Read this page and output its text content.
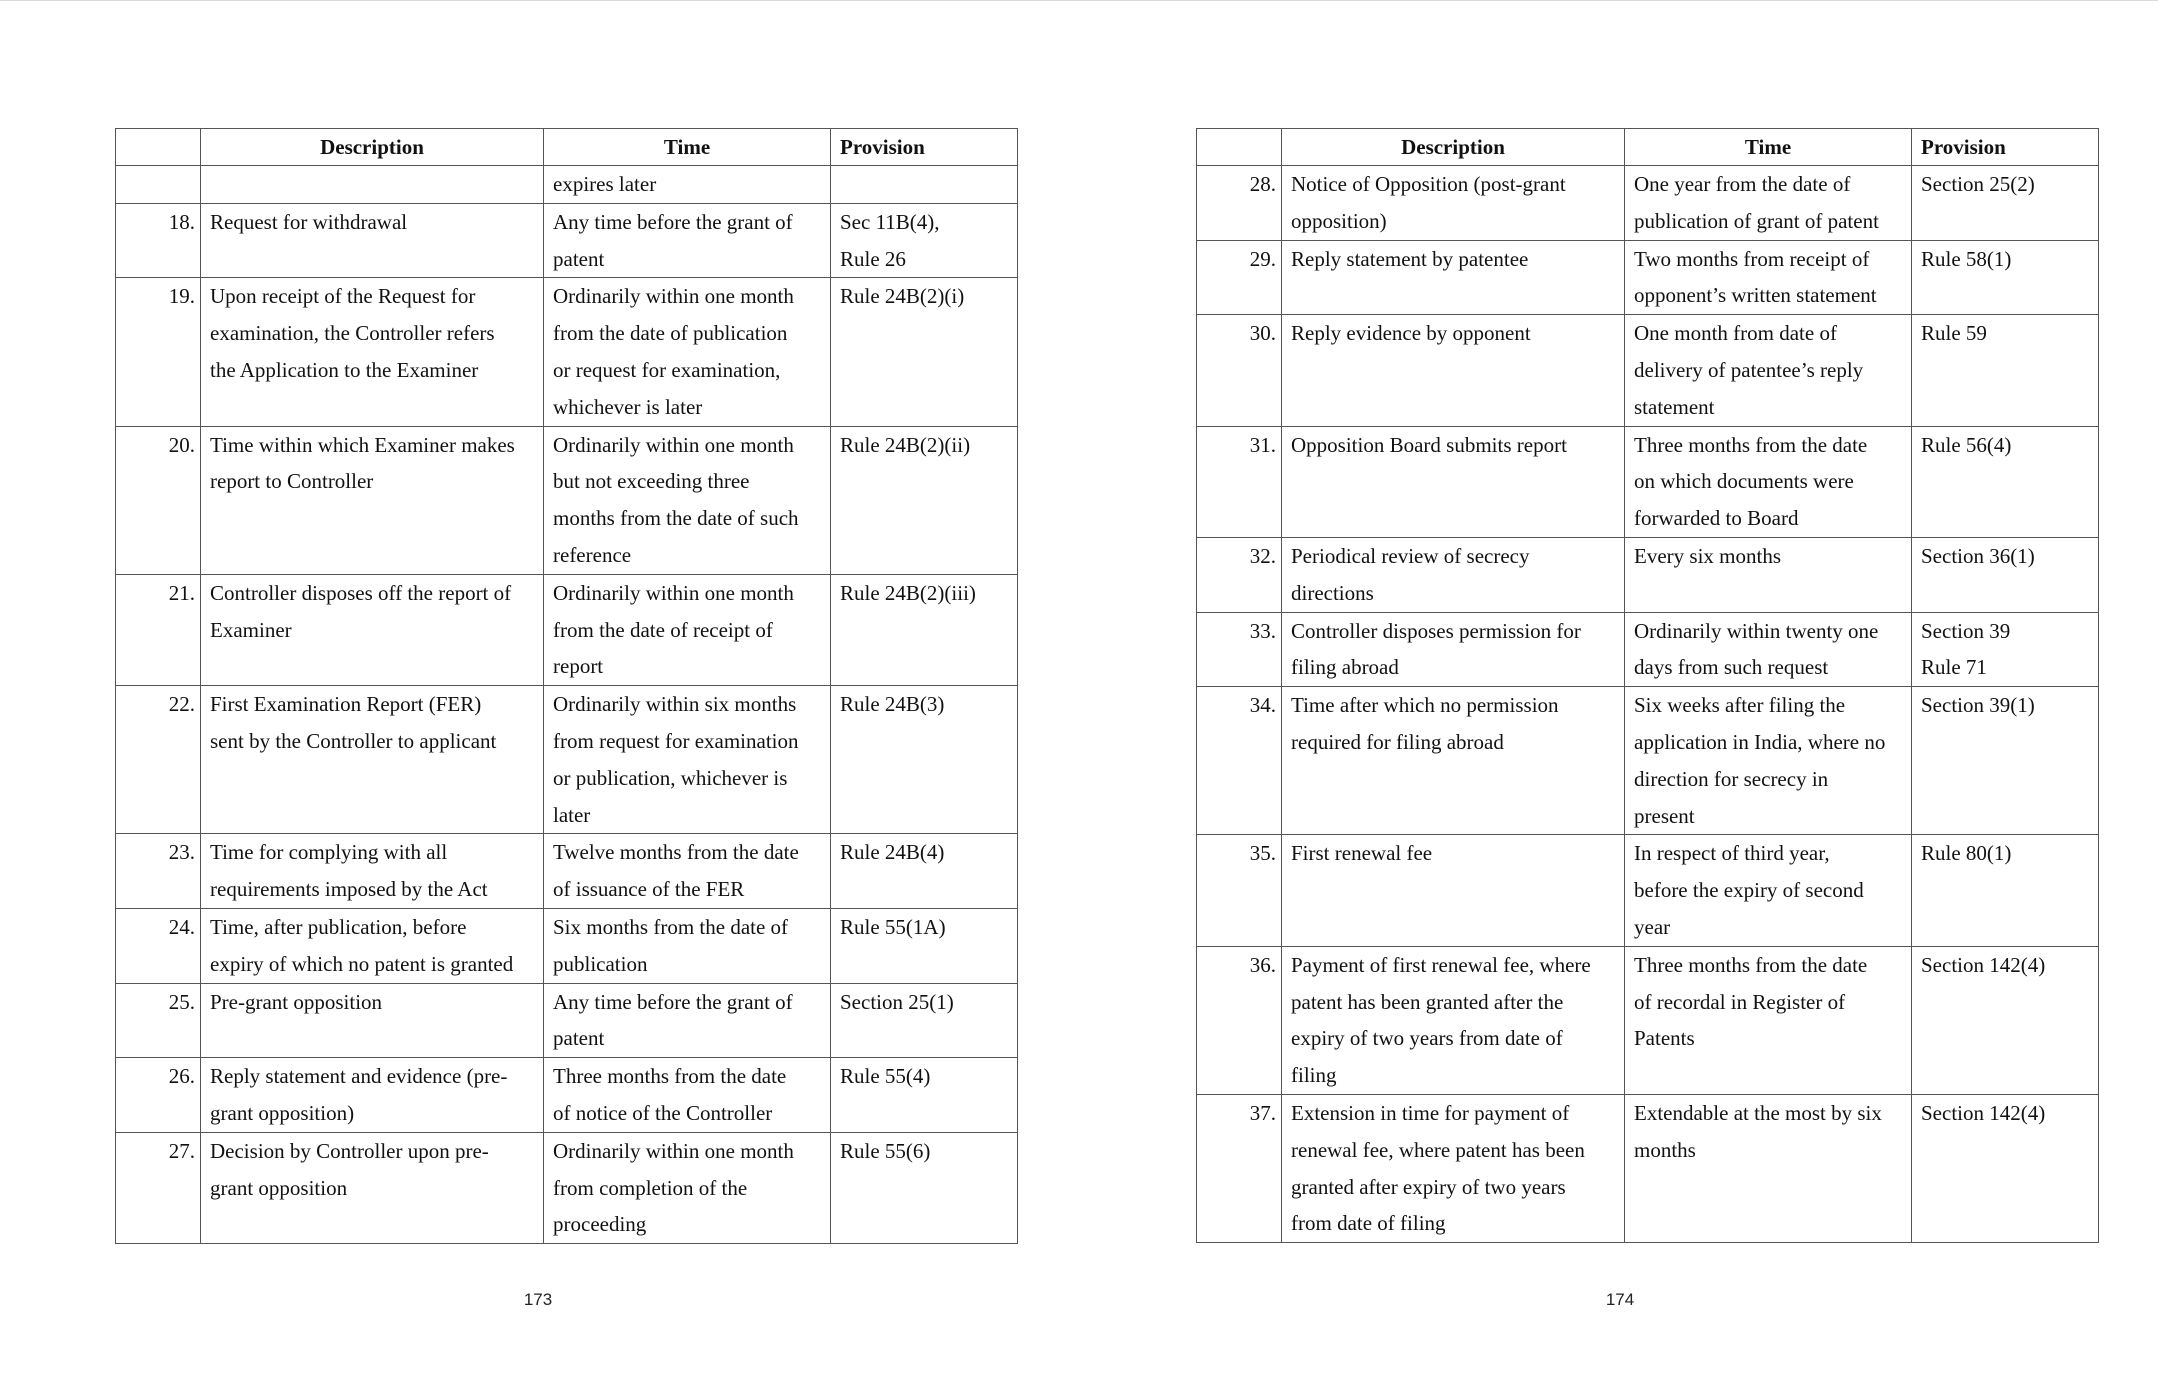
	Description	Time	Provision
		expires later	
18.	Request for withdrawal	Any time before the grant of
patent	Sec 11B(4),
Rule 26
19.	Upon receipt of the Request for
examination, the Controller refers
the Application to the Examiner	Ordinarily within one month
from the date of publication
or request for examination,
whichever is later	Rule 24B(2)(i)
20.	Time within which Examiner makes
report to Controller	Ordinarily within one month
but not exceeding three
months from the date of such
reference	Rule 24B(2)(ii)
21.	Controller disposes off the report of
Examiner	Ordinarily within one month
from the date of receipt of
report	Rule 24B(2)(iii)
22.	First Examination Report (FER)
sent by the Controller to applicant	Ordinarily within six months
from request for examination
or publication, whichever is
later	Rule 24B(3)
23.	Time for complying with all
requirements imposed by the Act	Twelve months from the date
of issuance of the FER	Rule 24B(4)
24.	Time, after publication, before
expiry of which no patent is granted	Six months from the date of
publication	Rule 55(1A)
25.	Pre-grant opposition	Any time before the grant of
patent	Section 25(1)
26.	Reply statement and evidence (pre-
grant opposition)	Three months from the date
of notice of the Controller	Rule 55(4)
27.	Decision by Controller upon pre-
grant opposition	Ordinarily within one month
from completion of the
proceeding	Rule 55(6)
	Description	Time	Provision
28.	Notice of Opposition (post-grant
opposition)	One year from the date of
publication of grant of patent	Section 25(2)
29.	Reply statement by patentee	Two months from receipt of
opponent’s written statement	Rule 58(1)
30.	Reply evidence by opponent	One month from date of
delivery of patentee’s reply
statement	Rule 59
31.	Opposition Board submits report	Three months from the date
on which documents were
forwarded to Board	Rule 56(4)
32.	Periodical review of secrecy
directions	Every six months	Section 36(1)
33.	Controller disposes permission for
filing abroad	Ordinarily within twenty one
days from such request	Section 39
Rule 71
34.	Time after which no permission
required for filing abroad	Six weeks after filing the
application in India, where no
direction for secrecy in
present	Section 39(1)
35.	First renewal fee	In respect of third year,
before the expiry of second
year	Rule 80(1)
36.	Payment of first renewal fee, where
patent has been granted after the
expiry of two years from date of
filing	Three months from the date
of recordal in Register of
Patents	Section 142(4)
37.	Extension in time for payment of
renewal fee, where patent has been
granted after expiry of two years
from date of filing	Extendable at the most by six
months	Section 142(4)
173	174
